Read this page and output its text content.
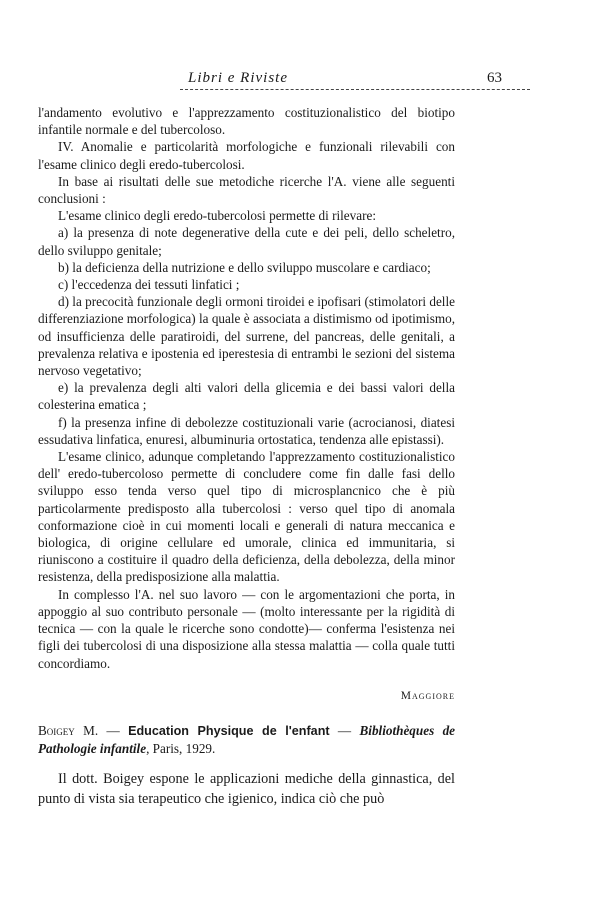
Libri e Riviste	63

l'andamento evolutivo e l'apprezzamento costituzionalistico del biotipo infantile normale e del tubercoloso.

IV. Anomalie e particolarità morfologiche e funzionali rilevabili con l'esame clinico degli eredo-tubercolosi.

In base ai risultati delle sue metodiche ricerche l'A. viene alle seguenti conclusioni :

L'esame clinico degli eredo-tubercolosi permette di rilevare:

a) la presenza di note degenerative della cute e dei peli, dello scheletro, dello sviluppo genitale;

b) la deficienza della nutrizione e dello sviluppo muscolare e cardiaco;

c) l'eccedenza dei tessuti linfatici ;

d) la precocità funzionale degli ormoni tiroidei e ipofisari (stimolatori delle differenziazione morfologica) la quale è associata a distimismo od ipotimismo, od insufficienza delle paratiroidi, del surrene, del pancreas, delle genitali, a prevalenza relativa e ipostenia ed iperestesia di entrambi le sezioni del sistema nervoso vegetativo;

e) la prevalenza degli alti valori della glicemia e dei bassi valori della colesterina ematica ;

f) la presenza infine di debolezze costituzionali varie (acrocianosi, diatesi essudativa linfatica, enuresi, albuminuria ortostatica, tendenza alle epistassi).

L'esame clinico, adunque completando l'apprezzamento costituzionalistico dell' eredo-tubercoloso permette di concludere come fin dalle fasi dello sviluppo esso tenda verso quel tipo di microsplancnico che è più particolarmente predisposto alla tubercolosi : verso quel tipo di anomala conformazione cioè in cui momenti locali e generali di natura meccanica e biologica, di origine cellulare ed umorale, clinica ed immunitaria, si riuniscono a costituire il quadro della deficienza, della debolezza, della minor resistenza, della predisposizione alla malattia.

In complesso l'A. nel suo lavoro — con le argomentazioni che porta, in appoggio al suo contributo personale — (molto interessante per la rigidità di tecnica — con la quale le ricerche sono condotte)— conferma l'esistenza nei figli dei tubercolosi di una disposizione alla stessa malattia — colla quale tutti concordiamo.

Maggiore

Boigey M. — Education Physique de l'enfant — Bibliothèques de Pathologie infantile, Paris, 1929.

Il dott. Boigey espone le applicazioni mediche della ginnastica, del punto di vista sia terapeutico che igienico, indica ciò che può
